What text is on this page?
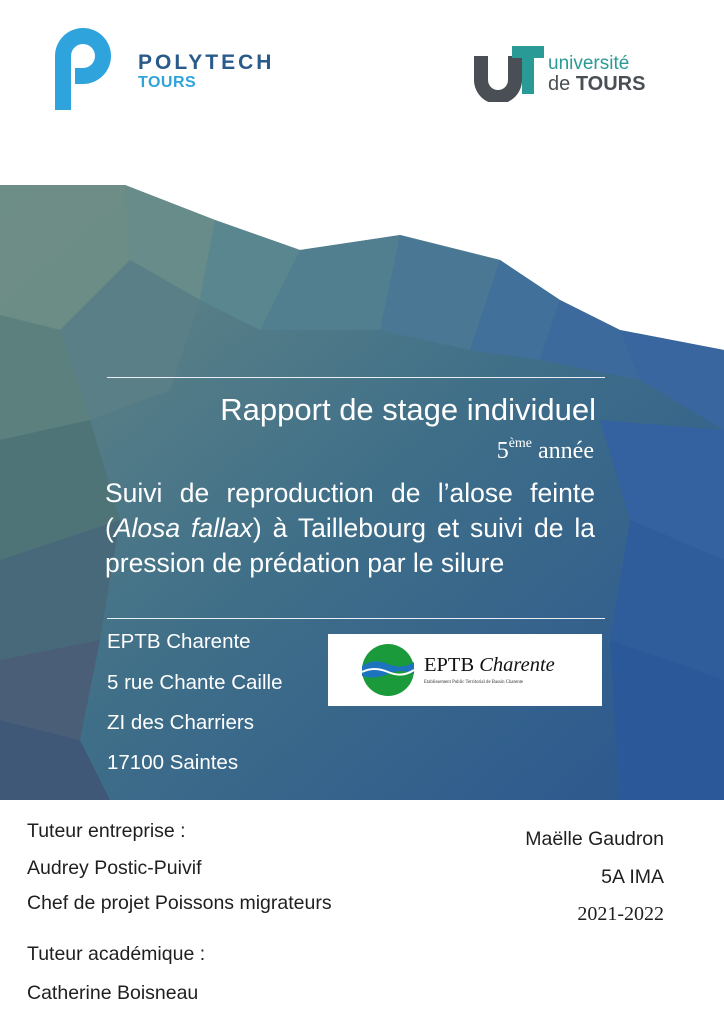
POLYTECH
TOURS
université
de TOURS
Rapport de stage individuel
5ème année
Suivi de reproduction de l’alose feinte (Alosa fallax) à Taillebourg et suivi de la pression de prédation par le silure
EPTB Charente
5 rue Chante Caille
ZI des Charriers
17100 Saintes
EPTB Charente
Etablissement Public Territorial de Bassin Charente
Tuteur entreprise :
Audrey Postic-Puivif
Chef de projet Poissons migrateurs
Tuteur académique :
Catherine Boisneau
Maëlle Gaudron
5A IMA
2021-2022
